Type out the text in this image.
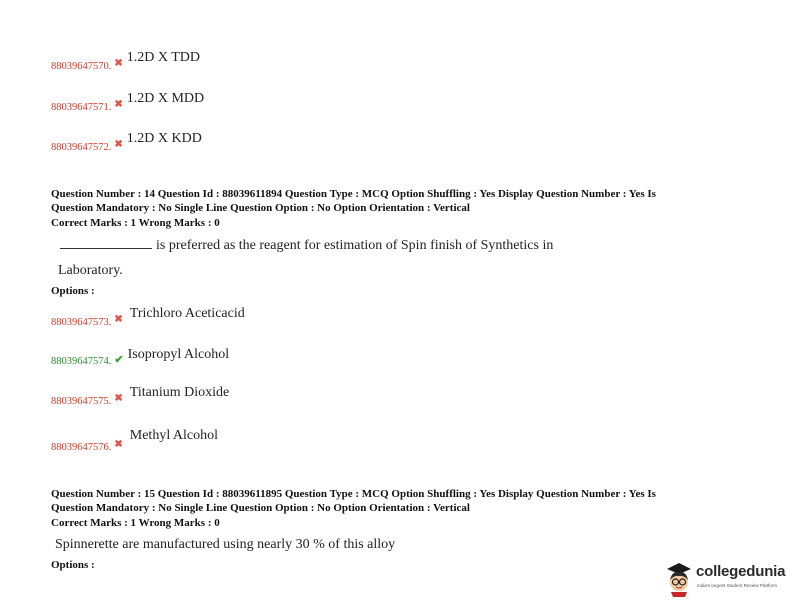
$_{88039647570.}$ $_✖$ 1.2D X TDD
$_{88039647571.}$ $_✖$ 1.2D X MDD
$_{88039647572.}$ $_✖$ 1.2D X KDD
Question Number : 14 Question Id : 88039611894 Question Type : MCQ Option Shuffling : Yes Display Question Number : Yes Is
Question Mandatory : No Single Line Question Option : No Option Orientation : Vertical
Correct Marks : 1 Wrong Marks : 0
is preferred as the reagent for estimation of Spin finish of Synthetics in
Laboratory.
Options :
$_{88039647573.}$ $_✖$ Trichloro Aceticacid
$_{88039647574.}$ $_✔$ Isopropyl Alcohol
$_{88039647575.}$ $_✖$ Titanium Dioxide
$_{88039647576.}$ $_✖$ Methyl Alcohol
Question Number : 15 Question Id : 88039611895 Question Type : MCQ Option Shuffling : Yes Display Question Number : Yes Is
Question Mandatory : No Single Line Question Option : No Option Orientation : Vertical
Correct Marks : 1 Wrong Marks : 0
Spinnerette are manufactured using nearly 30 % of this alloy
Options :	collegedunia
India's largest Student Review Platform
